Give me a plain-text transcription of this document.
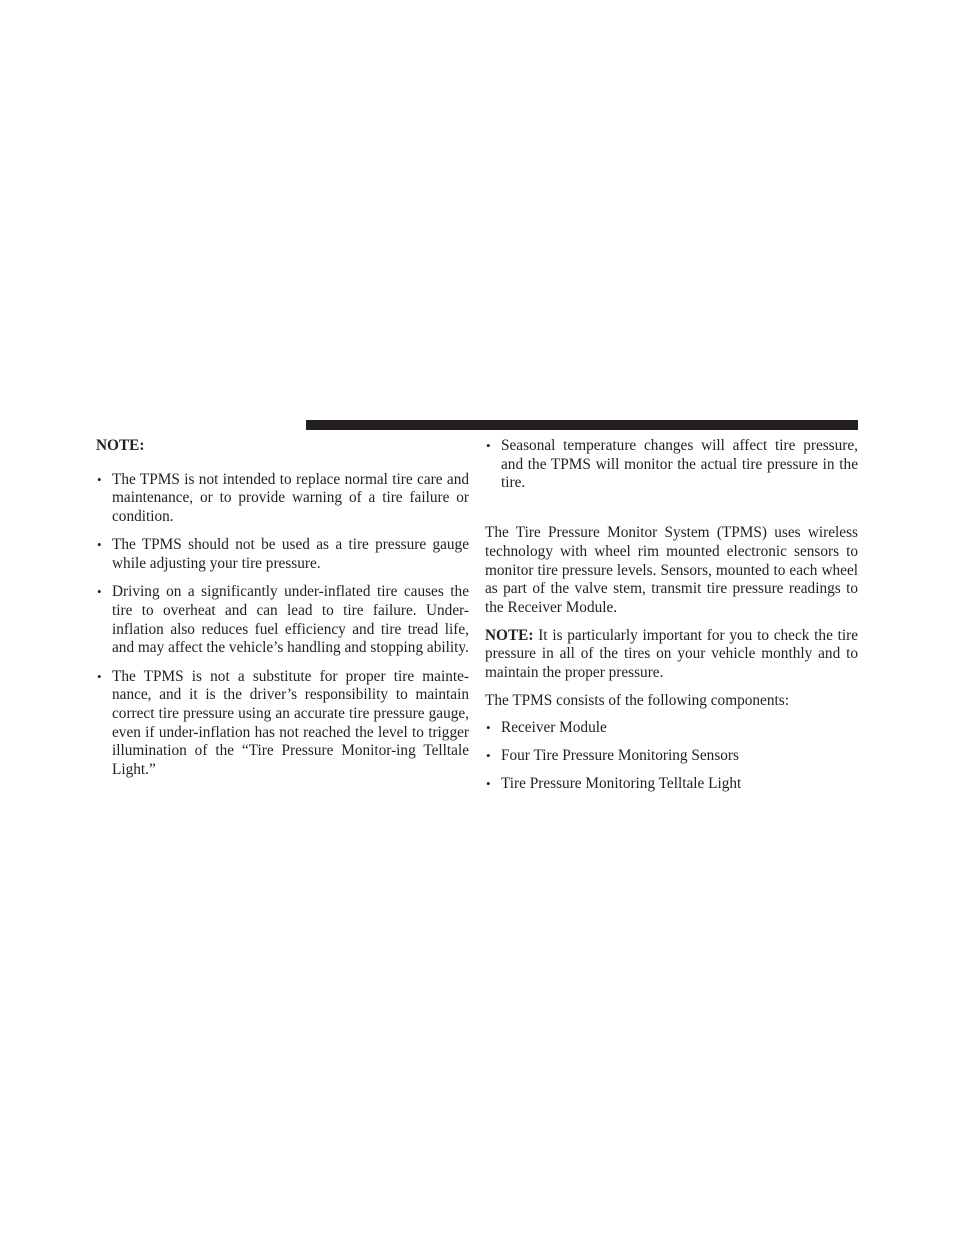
NOTE:
• The TPMS is not intended to replace normal tire care and maintenance, or to provide warning of a tire failure or condition.
• The TPMS should not be used as a tire pressure gauge while adjusting your tire pressure.
• Driving on a significantly under-inflated tire causes the tire to overheat and can lead to tire failure. Under-inflation also reduces fuel efficiency and tire tread life, and may affect the vehicle’s handling and stopping ability.
• The TPMS is not a substitute for proper tire mainte-nance, and it is the driver’s responsibility to maintain correct tire pressure using an accurate tire pressure gauge, even if under-inflation has not reached the level to trigger illumination of the “Tire Pressure Monitor-ing Telltale Light.”
• Seasonal temperature changes will affect tire pressure, and the TPMS will monitor the actual tire pressure in the tire.

The Tire Pressure Monitor System (TPMS) uses wireless technology with wheel rim mounted electronic sensors to monitor tire pressure levels. Sensors, mounted to each wheel as part of the valve stem, transmit tire pressure readings to the Receiver Module.

NOTE: It is particularly important for you to check the tire pressure in all of the tires on your vehicle monthly and to maintain the proper pressure.

The TPMS consists of the following components:

• Receiver Module
• Four Tire Pressure Monitoring Sensors
• Tire Pressure Monitoring Telltale Light
